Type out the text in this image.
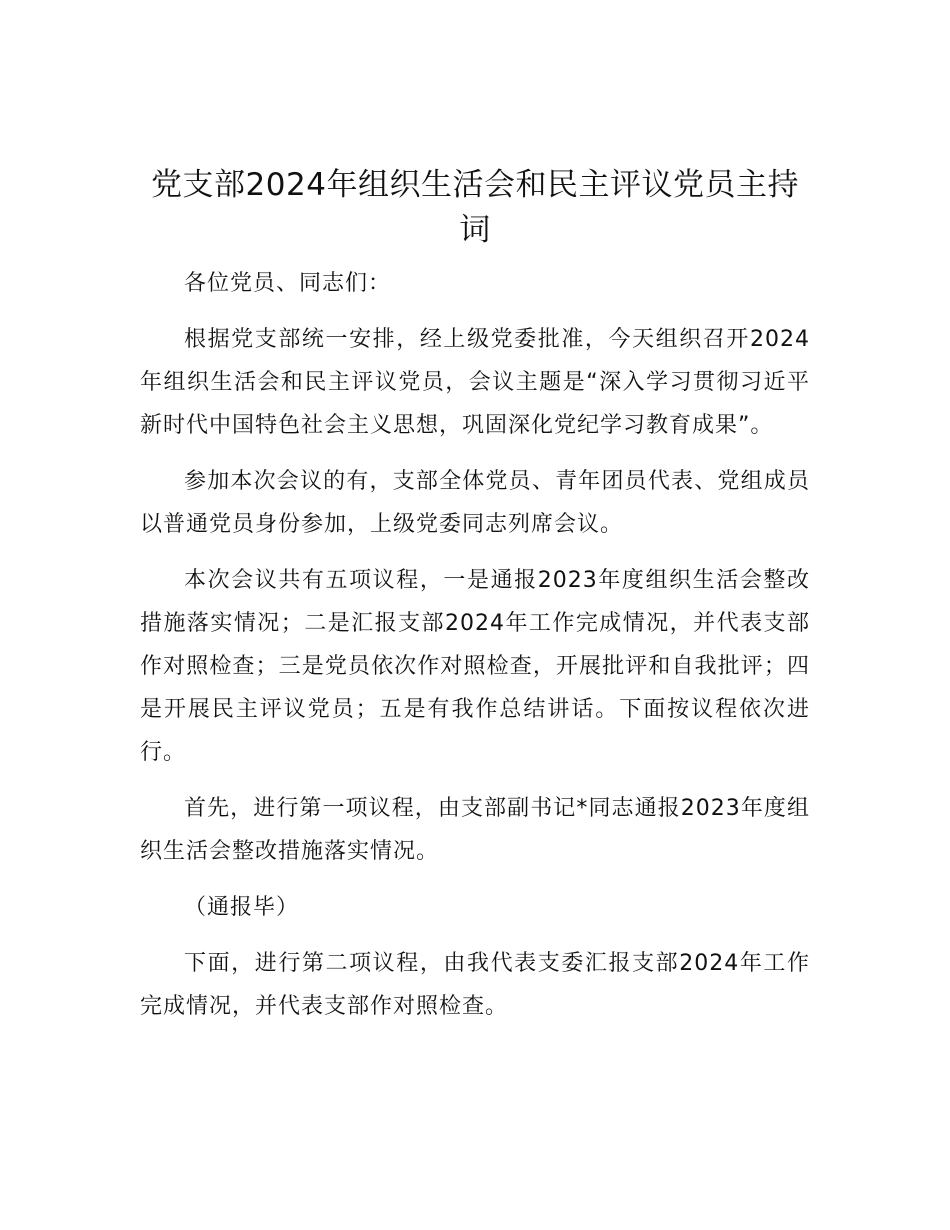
党支部2024年组织生活会和民主评议党员主持词

各位党员、同志们：

根据党支部统一安排，经上级党委批准，今天组织召开2024年组织生活会和民主评议党员，会议主题是“深入学习贯彻习近平新时代中国特色社会主义思想，巩固深化党纪学习教育成果”。

参加本次会议的有，支部全体党员、青年团员代表、党组成员以普通党员身份参加，上级党委同志列席会议。

本次会议共有五项议程，一是通报2023年度组织生活会整改措施落实情况；二是汇报支部2024年工作完成情况，并代表支部作对照检查；三是党员依次作对照检查，开展批评和自我批评；四是开展民主评议党员；五是有我作总结讲话。下面按议程依次进行。

首先，进行第一项议程，由支部副书记*同志通报2023年度组织生活会整改措施落实情况。

（通报毕）

下面，进行第二项议程，由我代表支委汇报支部2024年工作完成情况，并代表支部作对照检查。
